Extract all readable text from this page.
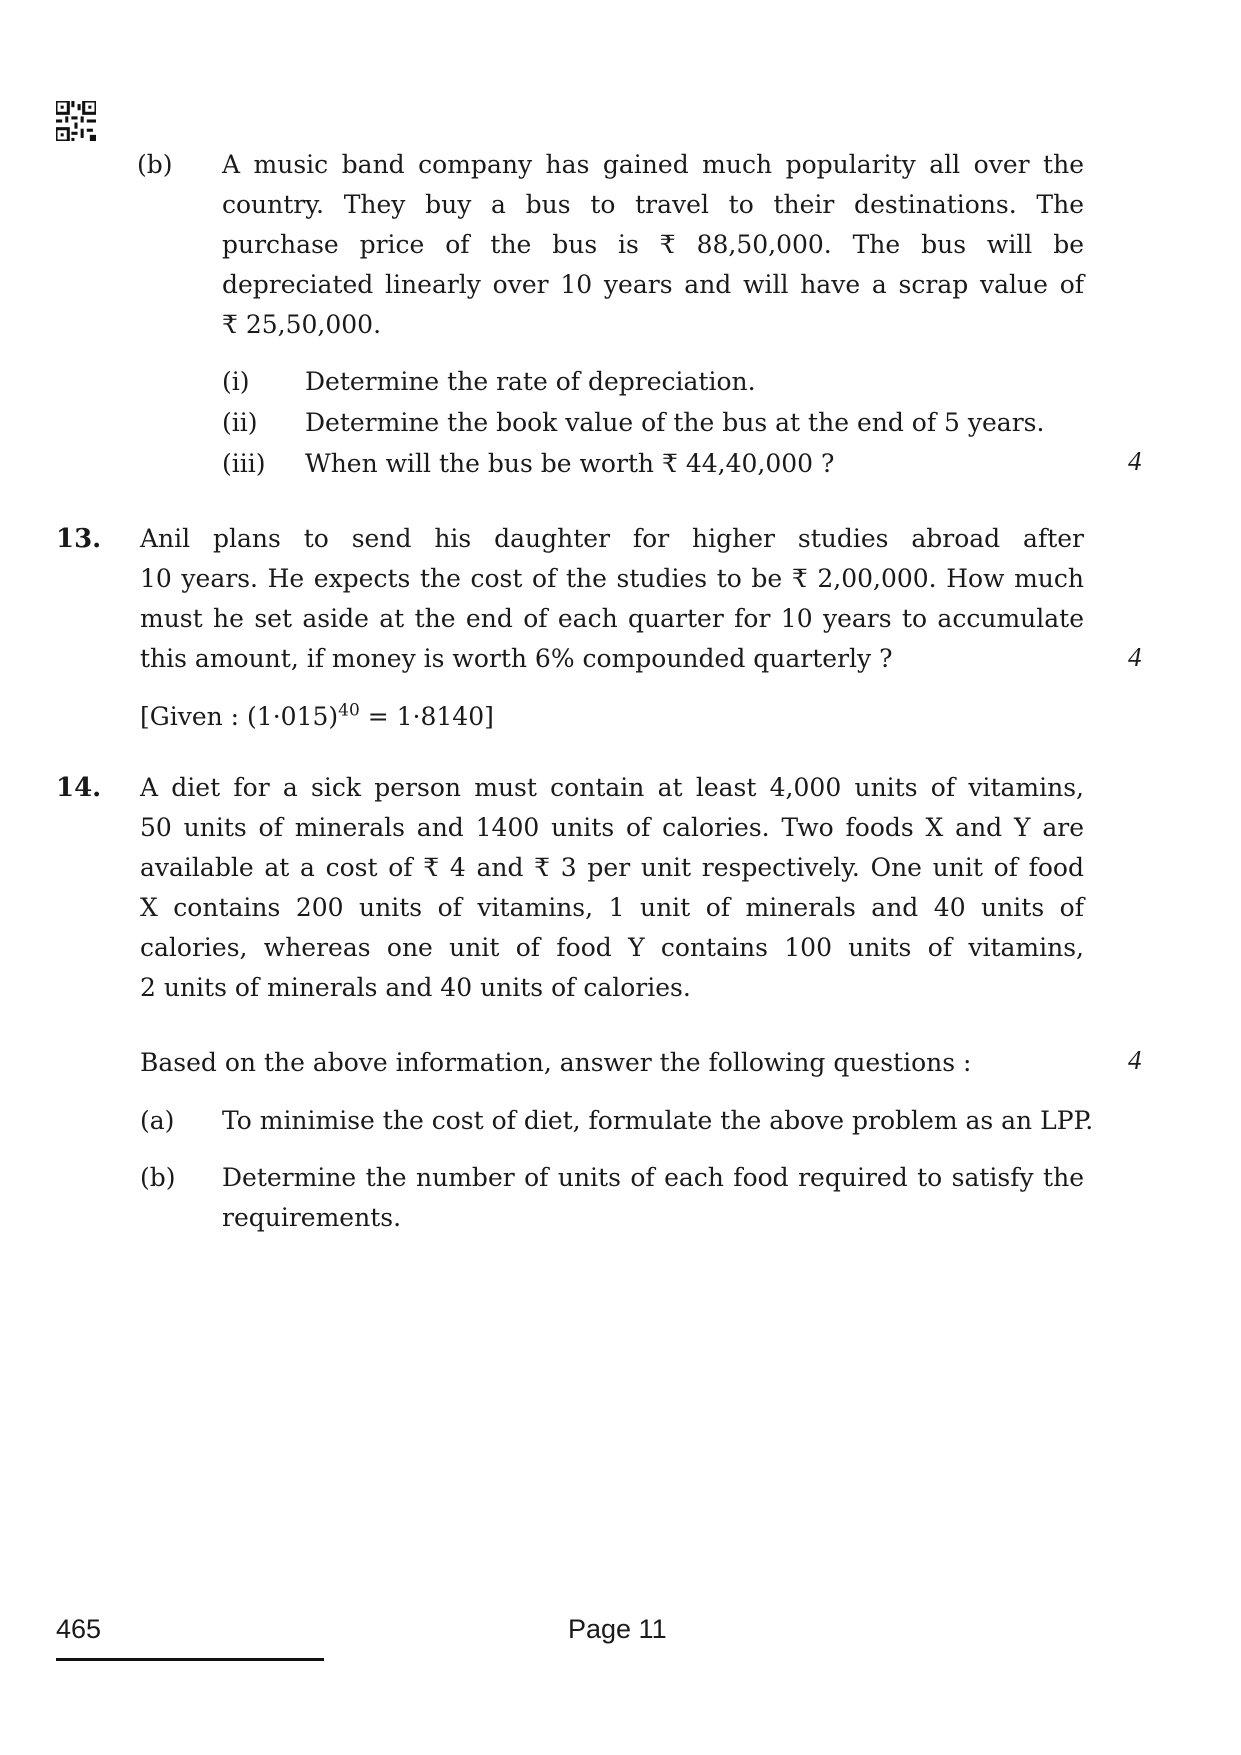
(b) A music band company has gained much popularity all over the
country. They buy a bus to travel to their destinations. The
purchase price of the bus is ₹ 88,50,000. The bus will be
depreciated linearly over 10 years and will have a scrap value of
₹ 25,50,000.
(i) Determine the rate of depreciation.
(ii) Determine the book value of the bus at the end of 5 years.
(iii) When will the bus be worth ₹ 44,40,000 ?	4
13. Anil plans to send his daughter for higher studies abroad after
10 years. He expects the cost of the studies to be ₹ 2,00,000. How much
must he set aside at the end of each quarter for 10 years to accumulate
this amount, if money is worth 6% compounded quarterly ?	4
[Given : $(1\cdot 015)^{40} = 1\cdot 8140$]
14. A diet for a sick person must contain at least 4,000 units of vitamins,
50 units of minerals and 1400 units of calories. Two foods X and Y are
available at a cost of ₹ 4 and ₹ 3 per unit respectively. One unit of food
X contains 200 units of vitamins, 1 unit of minerals and 40 units of
calories, whereas one unit of food Y contains 100 units of vitamins,
2 units of minerals and 40 units of calories.
Based on the above information, answer the following questions :	4
(a) To minimise the cost of diet, formulate the above problem as an LPP.
(b) Determine the number of units of each food required to satisfy the
requirements.
465	Page 11
